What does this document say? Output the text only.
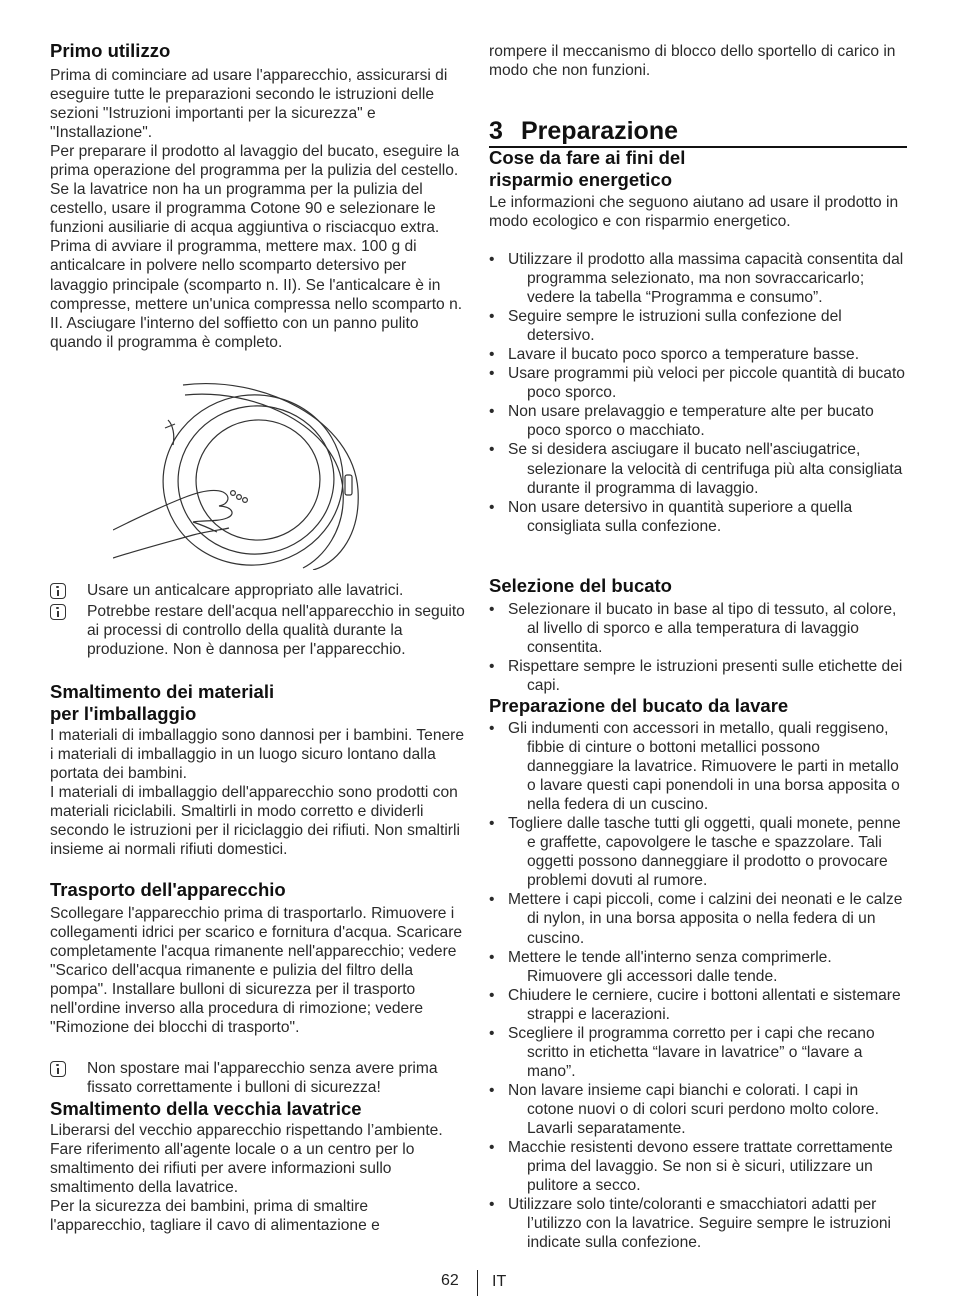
Primo utilizzo

Prima di cominciare ad usare l'apparecchio, assicurarsi di eseguire tutte le preparazioni secondo le istruzioni delle sezioni "Istruzioni importanti per la sicurezza" e "Installazione".
Per preparare il prodotto al lavaggio del bucato, eseguire la prima operazione del programma per la pulizia del cestello. Se la lavatrice non ha un programma per la pulizia del cestello, usare il programma Cotone 90 e selezionare le funzioni ausiliarie di acqua aggiuntiva o risciacquo extra.
Prima di avviare il programma, mettere max. 100 g di anticalcare in polvere nello scomparto detersivo per lavaggio principale (scomparto n. II). Se l'anticalcare è in compresse, mettere un'unica compressa nello scomparto n. II. Asciugare l'interno del soffietto con un panno pulito quando il programma è completo.

Usare un anticalcare appropriato alle lavatrici.
Potrebbe restare dell'acqua nell'apparecchio in seguito ai processi di controllo della qualità durante la produzione. Non è dannosa per l'apparecchio.
Smaltimento dei materiali
per l'imballaggio

I materiali di imballaggio sono dannosi per i bambini. Tenere i materiali di imballaggio in un luogo sicuro lontano dalla portata dei bambini.
I materiali di imballaggio dell'apparecchio sono prodotti con materiali riciclabili. Smaltirli in modo corretto e dividerli secondo le istruzioni per il riciclaggio dei rifiuti. Non smaltirli insieme ai normali rifiuti domestici.

Trasporto dell'apparecchio

Scollegare l'apparecchio prima di trasportarlo. Rimuovere i collegamenti idrici per scarico e fornitura d'acqua. Scaricare completamente l'acqua rimanente nell'apparecchio; vedere "Scarico dell'acqua rimanente e pulizia del filtro della pompa". Installare bulloni di sicurezza per il trasporto nell'ordine inverso alla procedura di rimozione; vedere "Rimozione dei blocchi di trasporto".

Non spostare mai l'apparecchio senza avere prima fissato correttamente i bulloni di sicurezza!
Smaltimento della vecchia lavatrice

Liberarsi del vecchio apparecchio rispettando l’ambiente.
Fare riferimento all'agente locale o a un centro per lo smaltimento dei rifiuti per avere informazioni sullo smaltimento della lavatrice.
Per la sicurezza dei bambini, prima di smaltire l'apparecchio, tagliare il cavo di alimentazione e

rompere il meccanismo di blocco dello sportello di carico in modo che non funzioni.

3 Preparazione
Cose da fare ai fini del
risparmio energetico

Le informazioni che seguono aiutano ad usare il prodotto in modo ecologico e con risparmio energetico.

• Utilizzare il prodotto alla massima capacità consentita dal programma selezionato, ma non sovraccaricarlo; vedere la tabella “Programma e consumo”.
• Seguire sempre le istruzioni sulla confezione del detersivo.
• Lavare il bucato poco sporco a temperature basse.
• Usare programmi più veloci per piccole quantità di bucato poco sporco.
• Non usare prelavaggio e temperature alte per bucato poco sporco o macchiato.
• Se si desidera asciugare il bucato nell'asciugatrice, selezionare la velocità di centrifuga più alta consigliata durante il programma di lavaggio.
• Non usare detersivo in quantità superiore a quella consigliata sulla confezione.
Selezione del bucato
• Selezionare il bucato in base al tipo di tessuto, al colore, al livello di sporco e alla temperatura di lavaggio consentita.
• Rispettare sempre le istruzioni presenti sulle etichette dei capi.
Preparazione del bucato da lavare
• Gli indumenti con accessori in metallo, quali reggiseno, fibbie di cinture o bottoni metallici possono danneggiare la lavatrice. Rimuovere le parti in metallo o lavare questi capi ponendoli in una borsa apposita o nella federa di un cuscino.
• Togliere dalle tasche tutti gli oggetti, quali monete, penne e graffette, capovolgere le tasche e spazzolare. Tali oggetti possono danneggiare il prodotto o provocare problemi dovuti al rumore.
• Mettere i capi piccoli, come i calzini dei neonati e le calze di nylon, in una borsa apposita o nella federa di un cuscino.
• Mettere le tende all'interno senza comprimerle. Rimuovere gli accessori dalle tende.
• Chiudere le cerniere, cucire i bottoni allentati e sistemare strappi e lacerazioni.
• Scegliere il programma corretto per i capi che recano scritto in etichetta “lavare in lavatrice” o “lavare a mano”.
• Non lavare insieme capi bianchi e colorati. I capi in cotone nuovi o di colori scuri perdono molto colore. Lavarli separatamente.
• Macchie resistenti devono essere trattate correttamente prima del lavaggio. Se non si è sicuri, utilizzare un pulitore a secco.
• Utilizzare solo tinte/coloranti e smacchiatori adatti per l’utilizzo con la lavatrice. Seguire sempre le istruzioni indicate sulla confezione.
62 IT
